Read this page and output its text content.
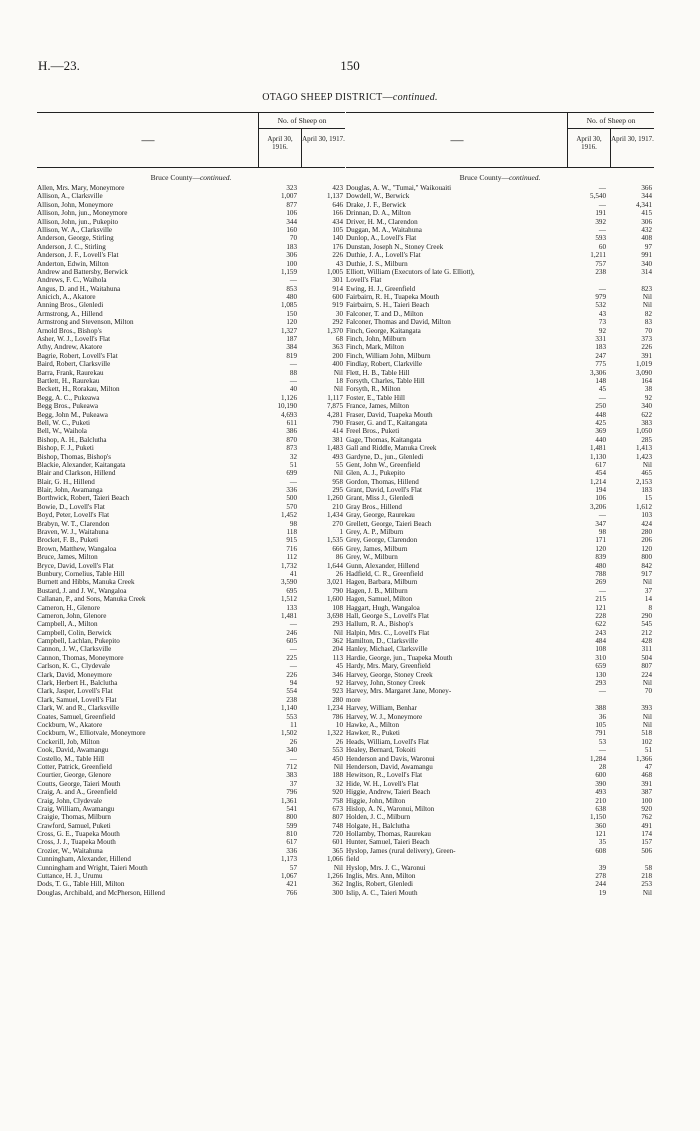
H.—23.	150
OTAGO SHEEP DISTRICT—continued.
—
No. of Sheep on
April 30, 1916.
April 30, 1917.
Bruce County—continued.
Allen, Mrs. Mary, Moneymore	323	423
Allison, A., Clarksville	1,007	1,137
Allison, John, Moneymore	877	646
Allison, John, jun., Moneymore	106	166
Allison, John, jun., Pukepito	344	434
Allison, W. A., Clarksville	160	105
Anderson, George, Stirling	70	140
Anderson, J. C., Stirling	183	176
Anderson, J. F., Lovell's Flat	306	226
Anderton, Edwin, Milton	100	43
Andrew and Battersby, Berwick	1,159	1,005
Andrews, F. C., Waihola	—	301
Angus, D. and H., Waitahuna	853	914
Anicich, A., Akatore	480	600
Anning Bros., Glenledi	1,085	919
Armstrong, A., Hillend	150	30
Armstrong and Stevenson, Milton	120	292
Arnold Bros., Bishop's	1,327	1,370
Asher, W. J., Lovell's Flat	187	68
Athy, Andrew, Akatore	384	363
Bagrie, Robert, Lovell's Flat	819	200
Baird, Robert, Clarksville	—	400
Barra, Frank, Raurekau	88	Nil
Bartlett, H., Raurekau	—	18
Beckett, H., Rorakau, Milton	40	Nil
Begg, A. C., Pukeawa	1,126	1,117
Begg Bros., Pukeawa	10,190	7,875
Begg, John M., Pukeawa	4,693	4,281
Bell, W. C., Puketi	611	790
Bell, W., Waihola	386	414
Bishop, A. H., Balclutha	870	381
Bishop, F. J., Puketi	873	1,483
Bishop, Thomas, Bishop's	32	493
Blackie, Alexander, Kaitangata	51	55
Blair and Clarkson, Hillend	699	Nil
Blair, G. H., Hillend	—	958
Blair, John, Awamanga	336	295
Borthwick, Robert, Taieri Beach	500	1,260
Bowie, D., Lovell's Flat	570	210
Boyd, Peter, Lovell's Flat	1,452	1,434
Brabyn, W. T., Clarendon	98	270
Braven, W. J., Waitahuna	118	1
Brocket, F. B., Puketi	915	1,535
Brown, Matthew, Wangaloa	716	666
Bruce, James, Milton	112	86
Bryce, David, Lovell's Flat	1,732	1,644
Bunbury, Cornelius, Table Hill	41	26
Burnett and Hibbs, Manuka Creek	3,590	3,021
Bustard, J. and J. W., Wangaloa	695	790
Callanan, P., and Sons, Manuka Creek	1,512	1,600
Cameron, H., Glenore	133	108
Cameron, John, Glenore	1,481	3,698
Campbell, A., Milton	—	293
Campbell, Colin, Berwick	246	Nil
Campbell, Lachlan, Pukepito	605	362
Cannon, J. W., Clarksville	—	204
Cannon, Thomas, Moneymore	225	113
Carlson, K. C., Clydevale	—	45
Clark, David, Moneymore	226	346
Clark, Herbert H., Balclutha	94	92
Clark, Jasper, Lovell's Flat	554	923
Clark, Samuel, Lovell's Flat	238	280
Clark, W. and R., Clarksville	1,140	1,234
Coates, Samuel, Greenfield	553	786
Cockburn, W., Akatore	11	10
Cockburn, W., Elliotvale, Moneymore	1,502	1,322
Cockerill, Job, Milton	26	26
Cook, David, Awamangu	340	553
Costello, M., Table Hill	—	450
Cotter, Patrick, Greenfield	712	Nil
Courtier, George, Glenore	383	188
Coutts, George, Taieri Mouth	37	32
Craig, A. and A., Greenfield	796	920
Craig, John, Clydevale	1,361	758
Craig, William, Awamangu	541	673
Craigie, Thomas, Milburn	800	807
Crawford, Samuel, Puketi	599	748
Cross, G. E., Tuapeka Mouth	810	720
Cross, J. J., Tuapeka Mouth	617	601
Crozier, W., Waitahuna	336	365
Cunningham, Alexander, Hillend	1,173	1,066
Cunningham and Wright, Taieri Mouth	57	Nil
Cuttance, H. J., Urumu	1,067	1,266
Dods, T. G., Table Hill, Milton	421	362
Douglas, Archibald, and McPherson, Hillend	766	300
—
No. of Sheep on
April 30, 1916.
April 30, 1917.
Bruce County—continued.
Douglas, A. W., "Tumai," Waikouaiti	—	366
Dowdell, W., Berwick	5,540	344
Drake, J. F., Berwick	—	4,341
Drinnan, D. A., Milton	191	415
Driver, H. M., Clarendon	392	306
Duggan, M. A., Waitahuna	—	432
Dunlop, A., Lovell's Flat	593	408
Dunstan, Joseph N., Stoney Creek	60	97
Duthie, J. A., Lovell's Flat	1,211	991
Duthie, J. S., Milburn	757	340
Elliott, William (Executors of late G. Elliott),	238	314
Lovell's Flat
Ewing, H. J., Greenfield	—	823
Fairbairn, R. H., Tuapeka Mouth	979	Nil
Fairbairn, S. H., Taieri Beach	532	Nil
Falconer, T. and D., Milton	43	82
Falconer, Thomas and David, Milton	73	83
Finch, George, Kaitangata	92	70
Finch, John, Milburn	331	373
Finch, Mark, Milton	183	226
Finch, William John, Milburn	247	391
Findlay, Robert, Clarkville	775	1,019
Flett, H. B., Table Hill	3,306	3,090
Forsyth, Charles, Table Hill	148	164
Forsyth, R., Milton	45	38
Foster, E., Table Hill	—	92
France, James, Milton	250	340
Fraser, David, Tuapeka Mouth	448	622
Fraser, G. and T., Kaitangata	425	383
Freel Bros., Puketi	369	1,050
Gage, Thomas, Kaitangata	440	285
Gall and Riddle, Manuka Creek	1,481	1,413
Gardyne, D., jun., Glenledi	1,130	1,423
Gent, John W., Greenfield	617	Nil
Glen, A. J., Pukepito	454	465
Gordon, Thomas, Hillend	1,214	2,153
Grant, David, Lovell's Flat	194	183
Grant, Miss J., Glenledi	106	15
Gray Bros., Hillend	3,206	1,612
Gray, George, Raurekau	—	103
Grellett, George, Taieri Beach	347	424
Grey, A. P., Milburn	98	280
Grey, George, Clarendon	171	206
Grey, James, Milburn	120	120
Grey, W., Milburn	839	800
Gunn, Alexander, Hillend	480	842
Hadfield, C. R., Greenfield	788	917
Hagen, Barbara, Milburn	269	Nil
Hagen, J. B., Milburn	—	37
Hagen, Samuel, Milton	215	14
Haggart, Hugh, Wangaloa	121	8
Hall, George S., Lovell's Flat	228	290
Hallum, R. A., Bishop's	622	545
Halpin, Mrs. C., Lovell's Flat	243	212
Hamilton, D., Clarksville	484	428
Hanley, Michael, Clarksville	108	311
Hardie, George, jun., Tuapeka Mouth	310	504
Hardy, Mrs. Mary, Greenfield	659	807
Harvey, George, Stoney Creek	130	224
Harvey, John, Stoney Creek	293	Nil
Harvey, Mrs. Margaret Jane, Money-	—	70
more
Harvey, William, Benhar	388	393
Harvey, W. J., Moneymore	36	Nil
Hawke, A., Milton	105	Nil
Hawker, R., Puketi	791	518
Heads, William, Lovell's Flat	53	102
Healey, Bernard, Tokoiti	—	51
Henderson and Davis, Waronui	1,284	1,366
Henderson, David, Awamangu	28	47
Hewitson, R., Lovell's Flat	600	468
Hide, W. H., Lovell's Flat	390	391
Higgie, Andrew, Taieri Beach	493	387
Higgie, John, Milton	210	100
Hislop, A. N., Waronui, Milton	638	920
Holden, J. C., Milburn	1,150	762
Holgate, H., Balclutha	360	491
Hollamby, Thomas, Raurekau	121	174
Hunter, Samuel, Taieri Beach	35	157
Hyslop, James (rural delivery), Green-	608	506
field
Hyslop, Mrs. J. C., Waronui	39	58
Inglis, Mrs. Ann, Milton	278	218
Inglis, Robert, Glenledi	244	253
Islip, A. C., Taieri Mouth	19	Nil
